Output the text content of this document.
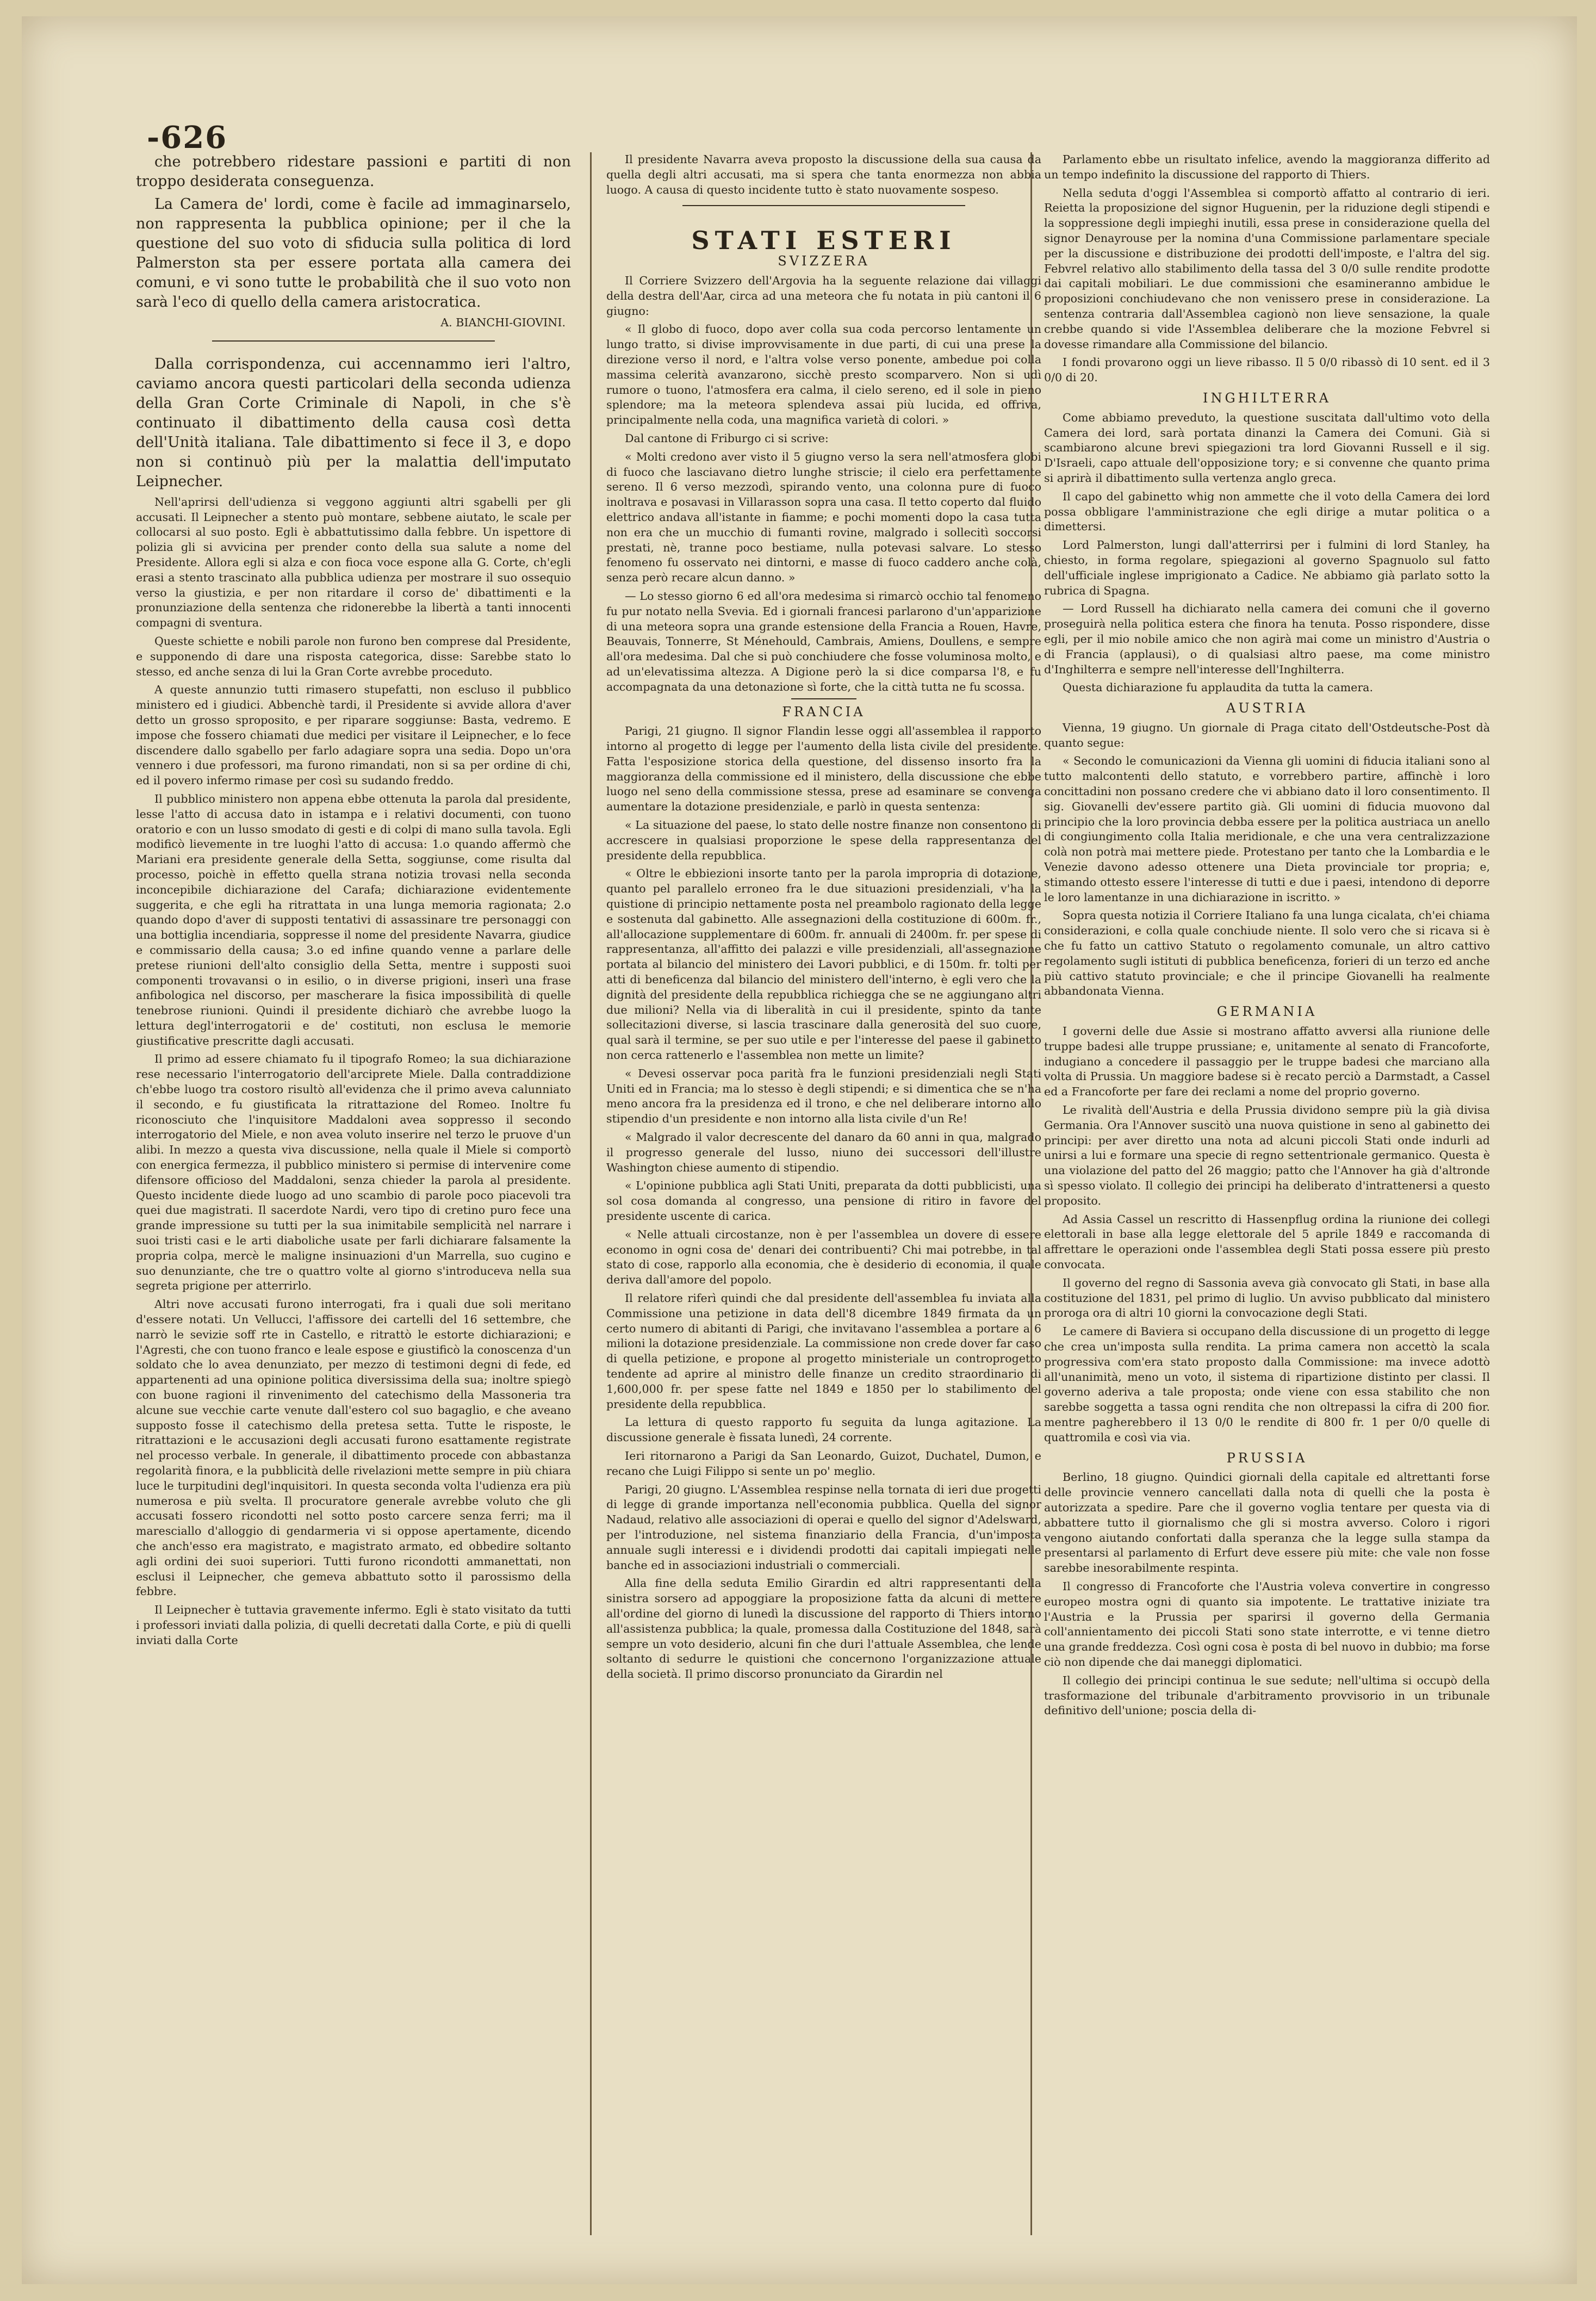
-626

che potrebbero ridestare passioni e partiti di non troppo desiderata conseguenza.

La Camera de' lordi, come è facile ad immaginarselo, non rappresenta la pubblica opinione; per il che la questione del suo voto di sfiducia sulla politica di lord Palmerston sta per essere portata alla camera dei comuni, e vi sono tutte le probabilità che il suo voto non sarà l'eco di quello della camera aristocratica.

A. BIANCHI-GIOVINI.

Dalla corrispondenza, cui accennammo ieri l'altro, caviamo ancora questi particolari della seconda udienza della Gran Corte Criminale di Napoli, in che s'è continuato il dibattimento della causa così detta dell'Unità italiana. Tale dibattimento si fece il 3, e dopo non si continuò più per la malattia dell'imputato Leipnecher.

Nell'aprirsi dell'udienza si veggono aggiunti altri sgabelli per gli accusati. Il Leipnecher a stento può montare, sebbene aiutato, le scale per collocarsi al suo posto. Egli è abbattutissimo dalla febbre. Un ispettore di polizia gli si avvicina per prender conto della sua salute a nome del Presidente. Allora egli si alza e con fioca voce espone alla G. Corte, ch'egli erasi a stento trascinato alla pubblica udienza per mostrare il suo ossequio verso la giustizia, e per non ritardare il corso de' dibattimenti e la pronunziazione della sentenza che ridonerebbe la libertà a tanti innocenti compagni di sventura.

Queste schiette e nobili parole non furono ben comprese dal Presidente, e supponendo di dare una risposta categorica, disse: Sarebbe stato lo stesso, ed anche senza di lui la Gran Corte avrebbe proceduto.

A queste annunzio tutti rimasero stupefatti, non escluso il pubblico ministero ed i giudici. Abbenchè tardi, il Presidente si avvide allora d'aver detto un grosso sproposito, e per riparare soggiunse: Basta, vedremo. E impose che fossero chiamati due medici per visitare il Leipnecher, e lo fece discendere dallo sgabello per farlo adagiare sopra una sedia. Dopo un'ora vennero i due professori, ma furono rimandati, non si sa per ordine di chi, ed il povero infermo rimase per così su sudando freddo.

Il pubblico ministero non appena ebbe ottenuta la parola dal presidente, lesse l'atto di accusa dato in istampa e i relativi documenti, con tuono oratorio e con un lusso smodato di gesti e di colpi di mano sulla tavola. Egli modificò lievemente in tre luoghi l'atto di accusa: 1.o quando affermò che Mariani era presidente generale della Setta, soggiunse, come risulta dal processo, poichè in effetto quella strana notizia trovasi nella seconda inconcepibile dichiarazione del Carafa; dichiarazione evidentemente suggerita, e che egli ha ritrattata in una lunga memoria ragionata; 2.o quando dopo d'aver di supposti tentativi di assassinare tre personaggi con una bottiglia incendiaria, soppresse il nome del presidente Navarra, giudice e commissario della causa; 3.o ed infine quando venne a parlare delle pretese riunioni dell'alto consiglio della Setta, mentre i supposti suoi componenti trovavansi o in esilio, o in diverse prigioni, inserì una frase anfibologica nel discorso, per mascherare la fisica impossibilità di quelle tenebrose riunioni. Quindi il presidente dichiarò che avrebbe luogo la lettura degl'interrogatorii e de' costituti, non esclusa le memorie giustificative prescritte dagli accusati.

Il primo ad essere chiamato fu il tipografo Romeo; la sua dichiarazione rese necessario l'interrogatorio dell'arciprete Miele. Dalla contraddizione ch'ebbe luogo tra costoro risultò all'evidenza che il primo aveva calunniato il secondo, e fu giustificata la ritrattazione del Romeo. Inoltre fu riconosciuto che l'inquisitore Maddaloni avea soppresso il secondo interrogatorio del Miele, e non avea voluto inserire nel terzo le pruove d'un alibi. In mezzo a questa viva discussione, nella quale il Miele si comportò con energica fermezza, il pubblico ministero si permise di intervenire come difensore officioso del Maddaloni, senza chieder la parola al presidente. Questo incidente diede luogo ad uno scambio di parole poco piacevoli tra quei due magistrati. Il sacerdote Nardi, vero tipo di cretino puro fece una grande impressione su tutti per la sua inimitabile semplicità nel narrare i suoi tristi casi e le arti diaboliche usate per farli dichiarare falsamente la propria colpa, mercè le maligne insinuazioni d'un Marrella, suo cugino e suo denunziante, che tre o quattro volte al giorno s'introduceva nella sua segreta prigione per atterrirlo.

Altri nove accusati furono interrogati, fra i quali due soli meritano d'essere notati. Un Vellucci, l'affissore dei cartelli del 16 settembre, che narrò le sevizie soff rte in Castello, e ritrattò le estorte dichiarazioni; e l'Agresti, che con tuono franco e leale espose e giustificò la conoscenza d'un soldato che lo avea denunziato, per mezzo di testimoni degni di fede, ed appartenenti ad una opinione politica diversissima della sua; inoltre spiegò con buone ragioni il rinvenimento del catechismo della Massoneria tra alcune sue vecchie carte venute dall'estero col suo bagaglio, e che aveano supposto fosse il catechismo della pretesa setta. Tutte le risposte, le ritrattazioni e le accusazioni degli accusati furono esattamente registrate nel processo verbale. In generale, il dibattimento procede con abbastanza regolarità finora, e la pubblicità delle rivelazioni mette sempre in più chiara luce le turpitudini degl'inquisitori. In questa seconda volta l'udienza era più numerosa e più svelta. Il procuratore generale avrebbe voluto che gli accusati fossero ricondotti nel sotto posto carcere senza ferri; ma il maresciallo d'alloggio di gendarmeria vi si oppose apertamente, dicendo che anch'esso era magistrato, e magistrato armato, ed obbedire soltanto agli ordini dei suoi superiori. Tutti furono ricondotti ammanettati, non esclusi il Leipnecher, che gemeva abbattuto sotto il parossismo della febbre.

Il Leipnecher è tuttavia gravemente infermo. Egli è stato visitato da tutti i professori inviati dalla polizia, di quelli decretati dalla Corte, e più di quelli inviati dalla Corte

Il presidente Navarra aveva proposto la discussione della sua causa da quella degli altri accusati, ma si spera che tanta enormezza non abbia luogo. A causa di questo incidente tutto è stato nuovamente sospeso.

STATI ESTERI
SVIZZERA

Il Corriere Svizzero dell'Argovia ha la seguente relazione dai villaggi della destra dell'Aar, circa ad una meteora che fu notata in più cantoni il 6 giugno:

« Il globo di fuoco, dopo aver colla sua coda percorso lentamente un lungo tratto, si divise improvvisamente in due parti, di cui una prese la direzione verso il nord, e l'altra volse verso ponente, ambedue poi colla massima celerità avanzarono, sicchè presto scomparvero. Non si udì rumore o tuono, l'atmosfera era calma, il cielo sereno, ed il sole in pieno splendore; ma la meteora splendeva assai più lucida, ed offriva, principalmente nella coda, una magnifica varietà di colori. »

Dal cantone di Friburgo ci si scrive:

« Molti credono aver visto il 5 giugno verso la sera nell'atmosfera globi di fuoco che lasciavano dietro lunghe striscie; il cielo era perfettamente sereno. Il 6 verso mezzodì, spirando vento, una colonna pure di fuoco inoltrava e posavasi in Villarasson sopra una casa. Il tetto coperto dal fluido elettrico andava all'istante in fiamme; e pochi momenti dopo la casa tutta non era che un mucchio di fumanti rovine, malgrado i sollecitì soccorsi prestati, nè, tranne poco bestiame, nulla potevasi salvare. Lo stesso fenomeno fu osservato nei dintorni, e masse di fuoco caddero anche colà, senza però recare alcun danno. »

— Lo stesso giorno 6 ed all'ora medesima si rimarcò occhio tal fenomeno fu pur notato nella Svevia. Ed i giornali francesi parlarono d'un'apparizione di una meteora sopra una grande estensione della Francia a Rouen, Havre, Beauvais, Tonnerre, St Ménehould, Cambrais, Amiens, Doullens, e sempre all'ora medesima. Dal che si può conchiudere che fosse voluminosa molto, e ad un'elevatissima altezza. A Digione però la si dice comparsa l'8, e fu accompagnata da una detonazione sì forte, che la città tutta ne fu scossa.

FRANCIA

Parigi, 21 giugno. Il signor Flandin lesse oggi all'assemblea il rapporto intorno al progetto di legge per l'aumento della lista civile del presidente. Fatta l'esposizione storica della questione, del dissenso insorto fra la maggioranza della commissione ed il ministero, della discussione che ebbe luogo nel seno della commissione stessa, prese ad esaminare se convenga aumentare la dotazione presidenziale, e parlò in questa sentenza:

« La situazione del paese, lo stato delle nostre finanze non consentono di accrescere in qualsiasi proporzione le spese della rappresentanza del presidente della repubblica.

« Oltre le ebbiezioni insorte tanto per la parola impropria di dotazione, quanto pel parallelo erroneo fra le due situazioni presidenziali, v'ha la quistione di principio nettamente posta nel preambolo ragionato della legge e sostenuta dal gabinetto. Alle assegnazioni della costituzione di 600m. fr., all'allocazione supplementare di 600m. fr. annuali di 2400m. fr. per spese di rappresentanza, all'affitto dei palazzi e ville presidenziali, all'assegnazione portata al bilancio del ministero dei Lavori pubblici, e di 150m. fr. tolti per atti di beneficenza dal bilancio del ministero dell'interno, è egli vero che la dignità del presidente della repubblica richiegga che se ne aggiungano altri due milioni? Nella via di liberalità in cui il presidente, spinto da tante sollecitazioni diverse, si lascia trascinare dalla generosità del suo cuore, qual sarà il termine, se per suo utile e per l'interesse del paese il gabinetto non cerca rattenerlo e l'assemblea non mette un limite?

« Devesi osservar poca parità fra le funzioni presidenziali negli Stati Uniti ed in Francia; ma lo stesso è degli stipendi; e si dimentica che se n'ha meno ancora fra la presidenza ed il trono, e che nel deliberare intorno allo stipendio d'un presidente e non intorno alla lista civile d'un Re!

« Malgrado il valor decrescente del danaro da 60 anni in qua, malgrado il progresso generale del lusso, niuno dei successori dell'illustre Washington chiese aumento di stipendio.

« L'opinione pubblica agli Stati Uniti, preparata da dotti pubblicisti, una sol cosa domanda al congresso, una pensione di ritiro in favore del presidente uscente di carica.

« Nelle attuali circostanze, non è per l'assemblea un dovere di essere economo in ogni cosa de' denari dei contribuenti? Chi mai potrebbe, in tal stato di cose, rapporlo alla economia, che è desiderio di economia, il quale deriva dall'amore del popolo.

Il relatore riferì quindi che dal presidente dell'assemblea fu inviata alla Commissione una petizione in data dell'8 dicembre 1849 firmata da un certo numero di abitanti di Parigi, che invitavano l'assemblea a portare a 6 milioni la dotazione presidenziale. La commissione non crede dover far caso di quella petizione, e propone al progetto ministeriale un controprogetto tendente ad aprire al ministro delle finanze un credito straordinario di 1,600,000 fr. per spese fatte nel 1849 e 1850 per lo stabilimento del presidente della repubblica.

La lettura di questo rapporto fu seguita da lunga agitazione. La discussione generale è fissata lunedì, 24 corrente.

Ieri ritornarono a Parigi da San Leonardo, Guizot, Duchatel, Dumon, e recano che Luigi Filippo si sente un po' meglio.

Parigi, 20 giugno. L'Assemblea respinse nella tornata di ieri due progetti di legge di grande importanza nell'economia pubblica. Quella del signor Nadaud, relativo alle associazioni di operai e quello del signor d'Adelsward, per l'introduzione, nel sistema finanziario della Francia, d'un'imposta annuale sugli interessi e i dividendi prodotti dai capitali impiegati nelle banche ed in associazioni industriali o commerciali.

Alla fine della seduta Emilio Girardin ed altri rappresentanti della sinistra sorsero ad appoggiare la proposizione fatta da alcuni di mettere all'ordine del giorno di lunedì la discussione del rapporto di Thiers intorno all'assistenza pubblica; la quale, promessa dalla Costituzione del 1848, sarà sempre un voto desiderio, alcuni fin che duri l'attuale Assemblea, che lende soltanto di sedurre le quistioni che concernono l'organizzazione attuale della società. Il primo discorso pronunciato da Girardin nel

Parlamento ebbe un risultato infelice, avendo la maggioranza differito ad un tempo indefinito la discussione del rapporto di Thiers.

Nella seduta d'oggi l'Assemblea si comportò affatto al contrario di ieri. Reietta la proposizione del signor Huguenin, per la riduzione degli stipendi e la soppressione degli impieghi inutili, essa prese in considerazione quella del signor Denayrouse per la nomina d'una Commissione parlamentare speciale per la discussione e distribuzione dei prodotti dell'imposte, e l'altra del sig. Febvrel relativo allo stabilimento della tassa del 3 0/0 sulle rendite prodotte dai capitali mobiliari. Le due commissioni che esamineranno ambidue le proposizioni conchiudevano che non venissero prese in considerazione. La sentenza contraria dall'Assemblea cagionò non lieve sensazione, la quale crebbe quando si vide l'Assemblea deliberare che la mozione Febvrel si dovesse rimandare alla Commissione del bilancio.

I fondi provarono oggi un lieve ribasso. Il 5 0/0 ribassò di 10 sent. ed il 3 0/0 di 20.

INGHILTERRA

Come abbiamo preveduto, la questione suscitata dall'ultimo voto della Camera dei lord, sarà portata dinanzi la Camera dei Comuni. Già si scambiarono alcune brevi spiegazioni tra lord Giovanni Russell e il sig. D'Israeli, capo attuale dell'opposizione tory; e si convenne che quanto prima si aprirà il dibattimento sulla vertenza anglo greca.

Il capo del gabinetto whig non ammette che il voto della Camera dei lord possa obbligare l'amministrazione che egli dirige a mutar politica o a dimettersi.

Lord Palmerston, lungi dall'atterrirsi per i fulmini di lord Stanley, ha chiesto, in forma regolare, spiegazioni al governo Spagnuolo sul fatto dell'ufficiale inglese imprigionato a Cadice. Ne abbiamo già parlato sotto la rubrica di Spagna.

— Lord Russell ha dichiarato nella camera dei comuni che il governo proseguirà nella politica estera che finora ha tenuta. Posso rispondere, disse egli, per il mio nobile amico che non agirà mai come un ministro d'Austria o di Francia (applausi), o di qualsiasi altro paese, ma come ministro d'Inghilterra e sempre nell'interesse dell'Inghilterra.

Questa dichiarazione fu applaudita da tutta la camera.

AUSTRIA

Vienna, 19 giugno. Un giornale di Praga citato dell'Ostdeutsche-Post dà quanto segue:

« Secondo le comunicazioni da Vienna gli uomini di fiducia italiani sono al tutto malcontenti dello statuto, e vorrebbero partire, affinchè i loro concittadini non possano credere che vi abbiano dato il loro consentimento. Il sig. Giovanelli dev'essere partito già. Gli uomini di fiducia muovono dal principio che la loro provincia debba essere per la politica austriaca un anello di congiungimento colla Italia meridionale, e che una vera centralizzazione colà non potrà mai mettere piede. Protestano per tanto che la Lombardia e le Venezie davono adesso ottenere una Dieta provinciale tor propria; e, stimando ottesto essere l'interesse di tutti e due i paesi, intendono di deporre le loro lamentanze in una dichiarazione in iscritto. »

Sopra questa notizia il Corriere Italiano fa una lunga cicalata, ch'ei chiama considerazioni, e colla quale conchiude niente. Il solo vero che si ricava si è che fu fatto un cattivo Statuto o regolamento comunale, un altro cattivo regolamento sugli istituti di pubblica beneficenza, forieri di un terzo ed anche più cattivo statuto provinciale; e che il principe Giovanelli ha realmente abbandonata Vienna.

GERMANIA

I governi delle due Assie si mostrano affatto avversi alla riunione delle truppe badesi alle truppe prussiane; e, unitamente al senato di Francoforte, indugiano a concedere il passaggio per le truppe badesi che marciano alla volta di Prussia. Un maggiore badese si è recato perciò a Darmstadt, a Cassel ed a Francoforte per fare dei reclami a nome del proprio governo.

Le rivalità dell'Austria e della Prussia dividono sempre più la già divisa Germania. Ora l'Annover suscitò una nuova quistione in seno al gabinetto dei principi: per aver diretto una nota ad alcuni piccoli Stati onde indurli ad unirsi a lui e formare una specie di regno settentrionale germanico. Questa è una violazione del patto del 26 maggio; patto che l'Annover ha già d'altronde sì spesso violato. Il collegio dei principi ha deliberato d'intrattenersi a questo proposito.

Ad Assia Cassel un rescritto di Hassenpflug ordina la riunione dei collegi elettorali in base alla legge elettorale del 5 aprile 1849 e raccomanda di affrettare le operazioni onde l'assemblea degli Stati possa essere più presto convocata.

Il governo del regno di Sassonia aveva già convocato gli Stati, in base alla costituzione del 1831, pel primo di luglio. Un avviso pubblicato dal ministero proroga ora di altri 10 giorni la convocazione degli Stati.

Le camere di Baviera si occupano della discussione di un progetto di legge che crea un'imposta sulla rendita. La prima camera non accettò la scala progressiva com'era stato proposto dalla Commissione: ma invece adottò all'unanimità, meno un voto, il sistema di ripartizione distinto per classi. Il governo aderiva a tale proposta; onde viene con essa stabilito che non sarebbe soggetta a tassa ogni rendita che non oltrepassi la cifra di 200 fior. mentre pagherebbero il 13 0/0 le rendite di 800 fr. 1 per 0/0 quelle di quattromila e così via via.

PRUSSIA

Berlino, 18 giugno. Quindici giornali della capitale ed altrettanti forse delle provincie vennero cancellati dalla nota di quelli che la posta è autorizzata a spedire. Pare che il governo voglia tentare per questa via di abbattere tutto il giornalismo che gli si mostra avverso. Coloro i rigori vengono aiutando confortati dalla speranza che la legge sulla stampa da presentarsi al parlamento di Erfurt deve essere più mite: che vale non fosse sarebbe inesorabilmente respinta.

Il congresso di Francoforte che l'Austria voleva convertire in congresso europeo mostra ogni di quanto sia impotente. Le trattative iniziate tra l'Austria e la Prussia per sparirsi il governo della Germania coll'annientamento dei piccoli Stati sono state interrotte, e vi tenne dietro una grande freddezza. Così ogni cosa è posta di bel nuovo in dubbio; ma forse ciò non dipende che dai maneggi diplomatici.

Il collegio dei principi continua le sue sedute; nell'ultima si occupò della trasformazione del tribunale d'arbitramento provvisorio in un tribunale definitivo dell'unione; poscia della di-
